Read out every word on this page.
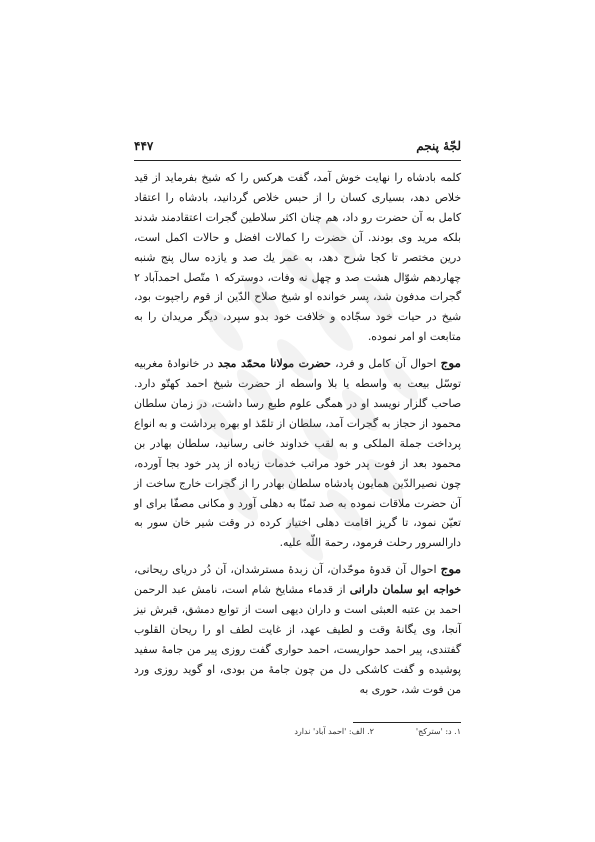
لجّهٔ پنجم
۴۴۷

کلمه بادشاه را نهایت خوش آمد، گفت هرکس را که شیخ بفرماید از قید خلاص دهد، بسیاری کسان را از حبس خلاص گردانید، بادشاه را اعتقاد کامل به آن حضرت رو داد، هم چنان اکثر سلاطین گجرات اعتقادمند شدند بلکه مرید وی بودند. آن حضرت را کمالات افضل و حالات اکمل است، درین مختصر تا کجا شرح دهد، به عمر یك صد و یازده سال پنج شنبه چهاردهم شوّال هشت صد و چهل نه وفات، دوسترکه ۱ متّصل احمدآباد ۲ گجرات مدفون شد، پسر خوانده او شیخ صلاح الدّین از قوم راجپوت بود، شیخ در حیات خود سجّاده و خلافت خود بدو سپرد، دیگر مریدان را به متابعت او امر نموده.

موج احوال آن کامل و فرد، حضرت مولانا محمّد مجد در خانوادهٔ مغربیه توسّل بیعت به واسطه یا بلا واسطه از حضرت شیخ احمد کهتّو دارد. صاحب گلزار نویسد او در همگی علوم طبع رسا داشت، در زمان سلطان محمود از حجاز به گجرات آمد، سلطان از تلمّذ او بهره برداشت و به انواع پرداخت جملة الملکی و به لقب خداوند خانی رسانید، سلطان بهادر بن محمود بعد از فوت پدر خود مراتب خدمات زیاده از پدر خود بجا آورده، چون نصیرالدّین همایون پادشاه سلطان بهادر را از گجرات خارج ساخت از آن حضرت ملاقات نموده به صد تمنّا به دهلی آورد و مکانی مصفّا برای او تعیّن نمود، تا گریز اقامت دهلی اختیار کرده در وقت شیر خان سور به دارالسرور رحلت فرمود، رحمة اللّه علیه.

موج احوال آن قدوهٔ موحّدان، آن زبدهٔ مسترشدان، آن دُر دریای ریحانی، خواجه ابو سلمان دارانی از قدماء مشایخ شام است، نامش عبد الرحمن احمد بن عتبه العبثی است و داران دیهی است از توابع دمشق، قبرش نیز آنجا، وی یگانهٔ وقت و لطیف عهد، از غایت لطف او را ریحان القلوب گفتندی، پیر احمد حواریست، احمد حواری گفت روزی پیر من جامهٔ سفید پوشیده و گفت کاشکی دل من چون جامهٔ من بودی، او گوید روزی ورد من فوت شد، حوری به

۱. د: 'سترکج'
۲. الف: 'احمد آباد' ندارد
